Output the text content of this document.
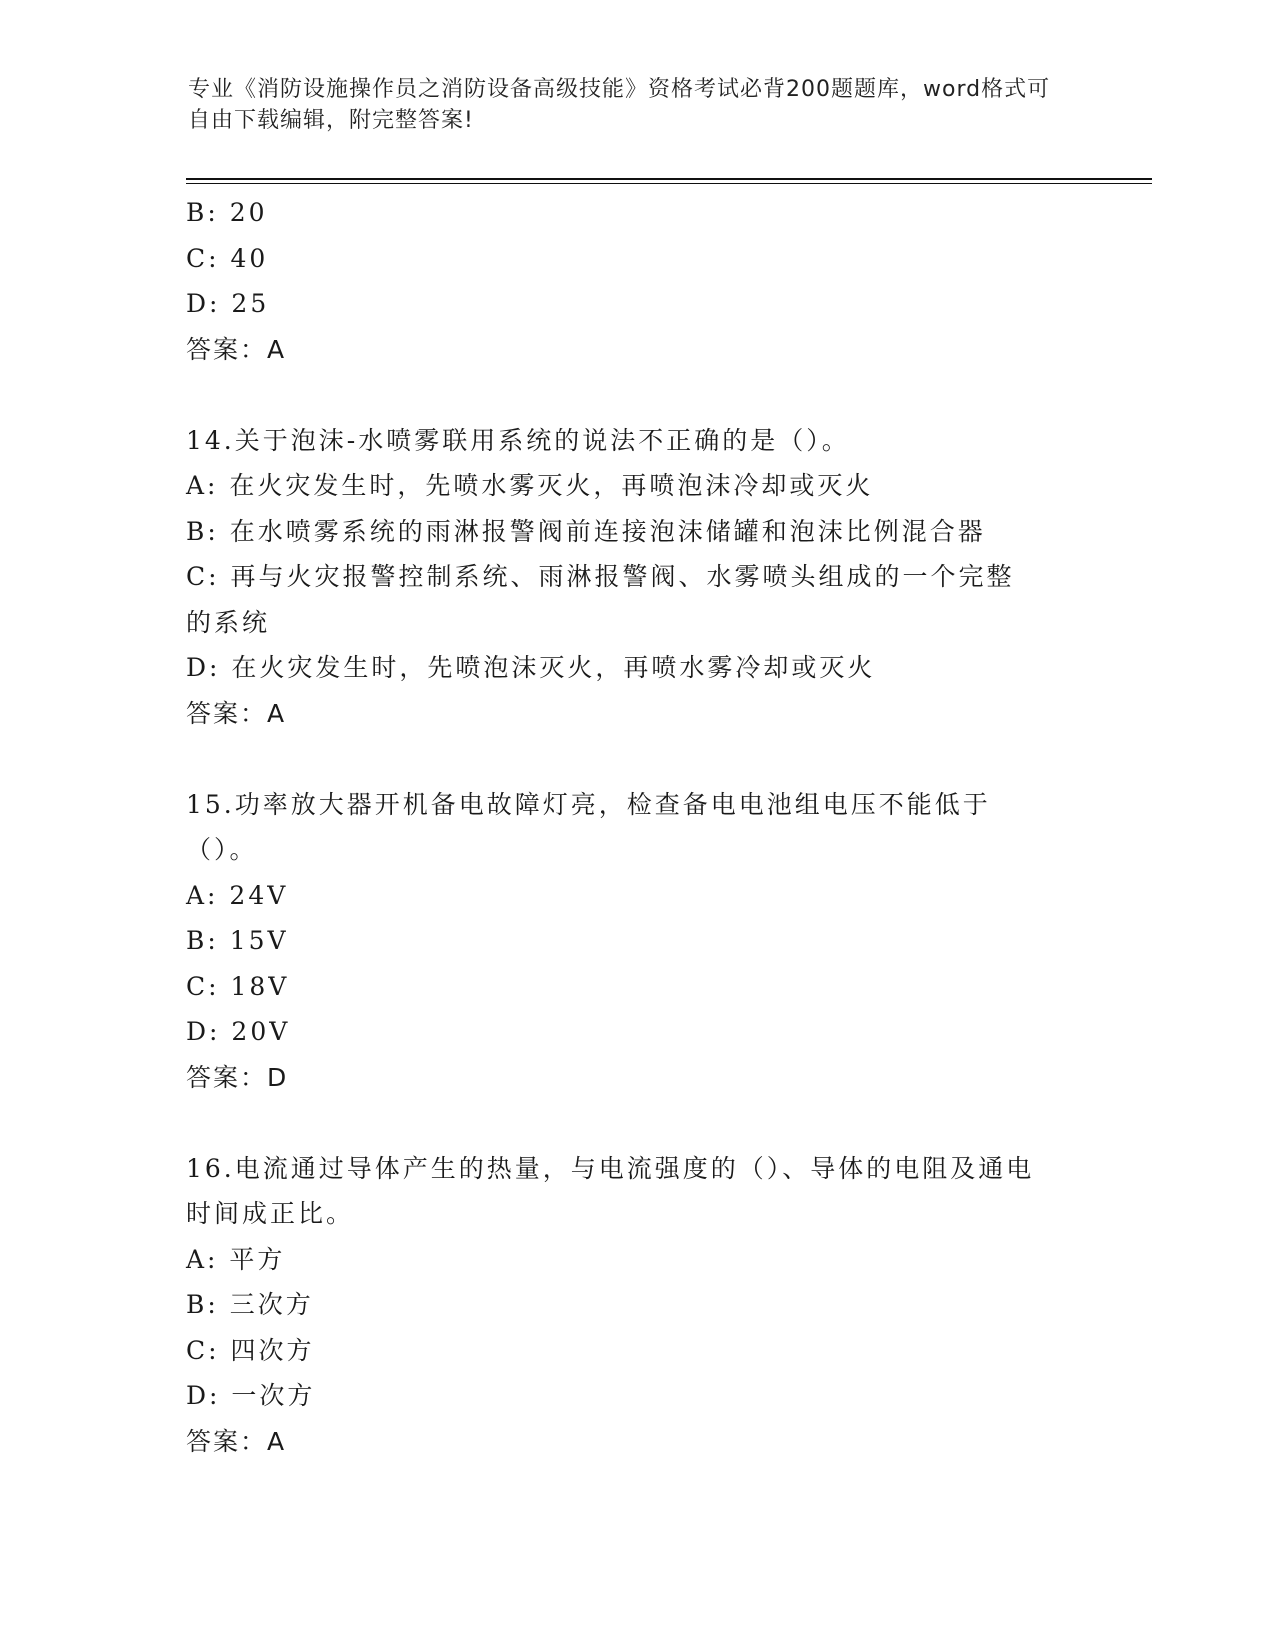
专业《消防设施操作员之消防设备高级技能》资格考试必背200题题库，word格式可自由下载编辑，附完整答案!
B: 20
C: 40
D: 25
答案：A
14.关于泡沫-水喷雾联用系统的说法不正确的是（）。
A: 在火灾发生时，先喷水雾灭火，再喷泡沫冷却或灭火
B: 在水喷雾系统的雨淋报警阀前连接泡沫储罐和泡沫比例混合器
C: 再与火灾报警控制系统、雨淋报警阀、水雾喷头组成的一个完整的系统
D: 在火灾发生时，先喷泡沫灭火，再喷水雾冷却或灭火
答案：A
15.功率放大器开机备电故障灯亮，检查备电电池组电压不能低于（）。
A: 24V
B: 15V
C: 18V
D: 20V
答案：D
16.电流通过导体产生的热量，与电流强度的（）、导体的电阻及通电时间成正比。
A: 平方
B: 三次方
C: 四次方
D: 一次方
答案：A
